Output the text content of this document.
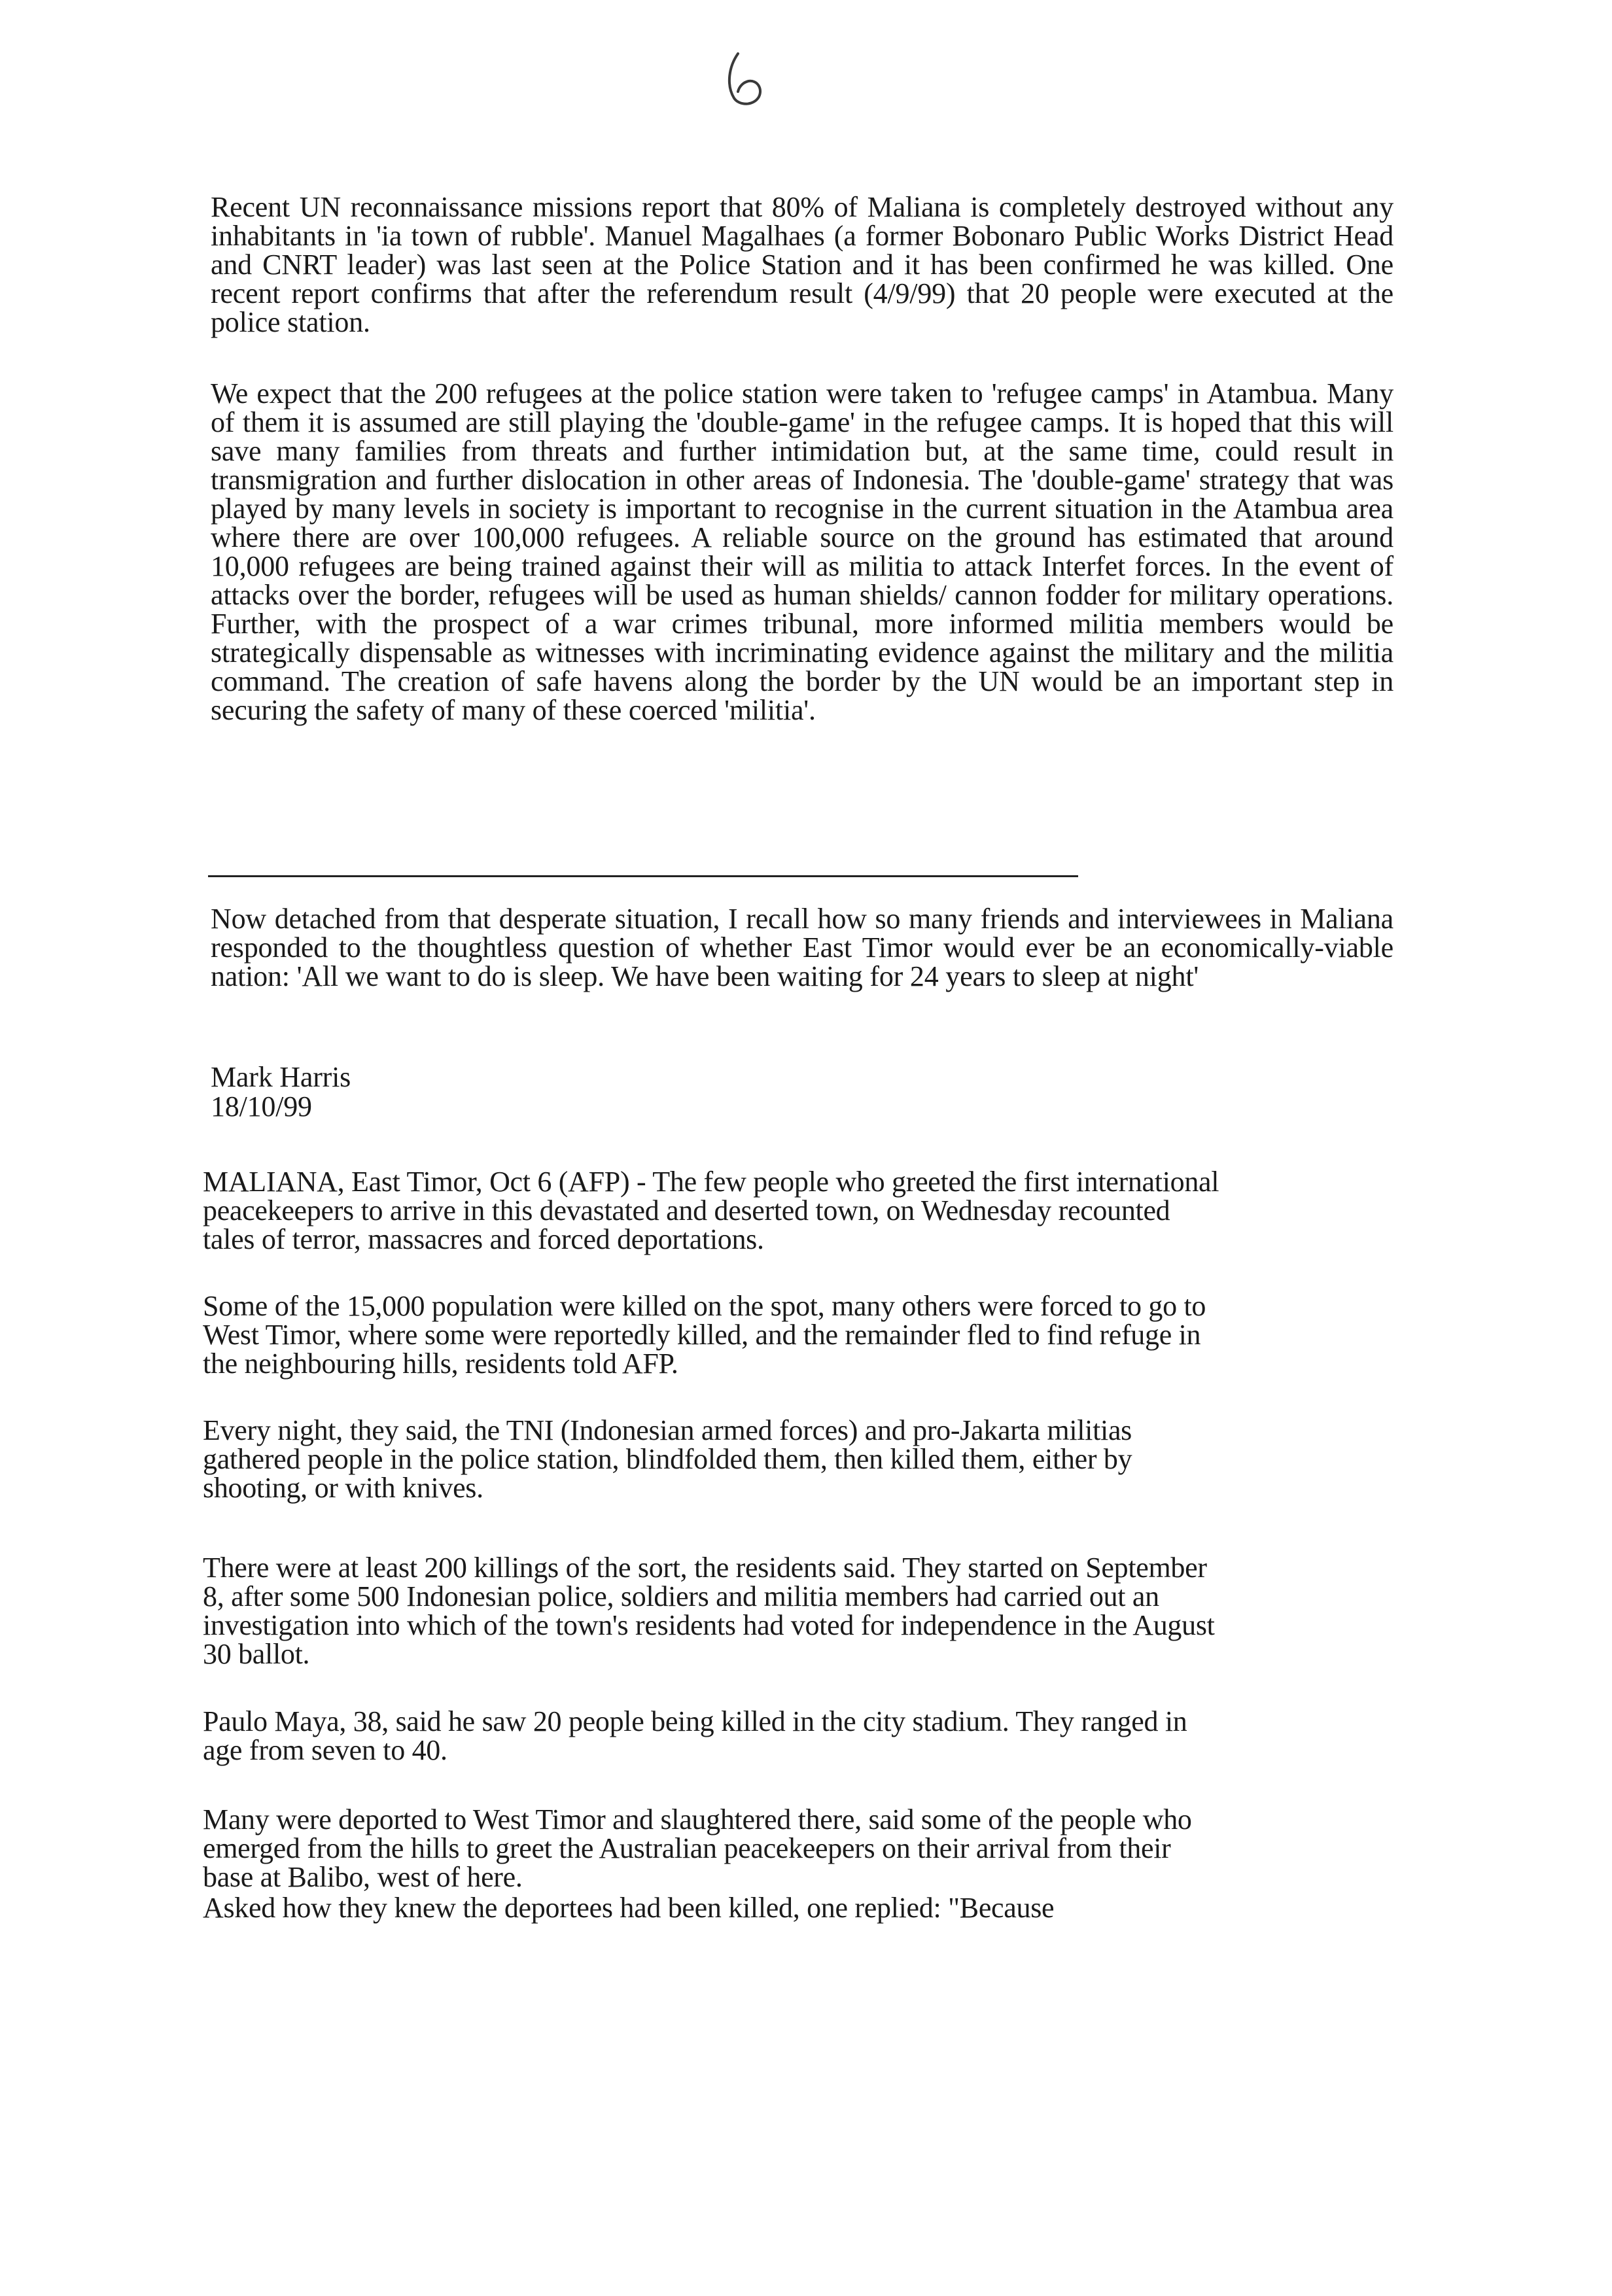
Recent UN reconnaissance missions report that 80% of Maliana is completely destroyed without any inhabitants in 'ia town of rubble'. Manuel Magalhaes (a former Bobonaro Public Works District Head and CNRT leader) was last seen at the Police Station and it has been confirmed he was killed. One recent report confirms that after the referendum result (4/9/99) that 20 people were executed at the police station.

We expect that the 200 refugees at the police station were taken to 'refugee camps' in Atambua. Many of them it is assumed are still playing the 'double-game' in the refugee camps. It is hoped that this will save many families from threats and further intimidation but, at the same time, could result in transmigration and further dislocation in other areas of Indonesia. The 'double-game' strategy that was played by many levels in society is important to recognise in the current situation in the Atambua area where there are over 100,000 refugees. A reliable source on the ground has estimated that around 10,000 refugees are being trained against their will as militia to attack Interfet forces. In the event of attacks over the border, refugees will be used as human shields/ cannon fodder for military operations. Further, with the prospect of a war crimes tribunal, more informed militia members would be strategically dispensable as witnesses with incriminating evidence against the military and the militia command. The creation of safe havens along the border by the UN would be an important step in securing the safety of many of these coerced 'militia'.

Now detached from that desperate situation, I recall how so many friends and interviewees in Maliana responded to the thoughtless question of whether East Timor would ever be an economically-viable nation: 'All we want to do is sleep. We have been waiting for 24 years to sleep at night'

Mark Harris

18/10/99

MALIANA, East Timor, Oct 6 (AFP) - The few people who greeted the first international peacekeepers to arrive in this devastated and deserted town, on Wednesday recounted tales of terror, massacres and forced deportations.

Some of the 15,000 population were killed on the spot, many others were forced to go to West Timor, where some were reportedly killed, and the remainder fled to find refuge in the neighbouring hills, residents told AFP.

Every night, they said, the TNI (Indonesian armed forces) and pro-Jakarta militias gathered people in the police station, blindfolded them, then killed them, either by shooting, or with knives.

There were at least 200 killings of the sort, the residents said. They started on September 8, after some 500 Indonesian police, soldiers and militia members had carried out an investigation into which of the town's residents had voted for independence in the August 30 ballot.

Paulo Maya, 38, said he saw 20 people being killed in the city stadium. They ranged in age from seven to 40.

Many were deported to West Timor and slaughtered there, said some of the people who emerged from the hills to greet the Australian peacekeepers on their arrival from their base at Balibo, west of here.

Asked how they knew the deportees had been killed, one replied: "Because
